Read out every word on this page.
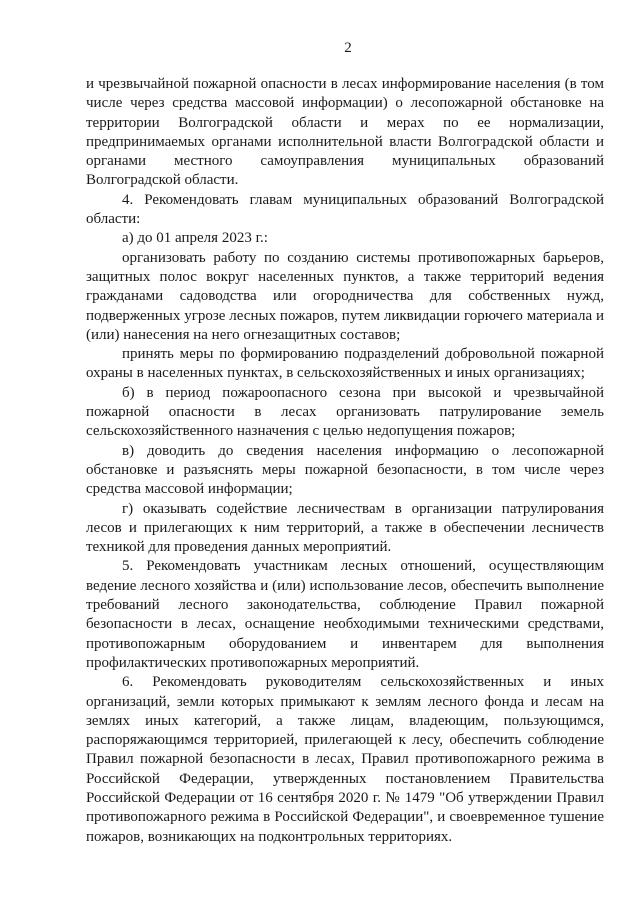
2

и чрезвычайной пожарной опасности в лесах информирование населения (в том числе через средства массовой информации) о лесопожарной обстановке на территории Волгоградской области и мерах по ее нормализации, предпринимаемых органами исполнительной власти Волгоградской области и органами местного самоуправления муниципальных образований Волгоградской области.

4. Рекомендовать главам муниципальных образований Волгоградской области:

а) до 01 апреля 2023 г.:

организовать работу по созданию системы противопожарных барьеров, защитных полос вокруг населенных пунктов, а также территорий ведения гражданами садоводства или огородничества для собственных нужд, подверженных угрозе лесных пожаров, путем ликвидации горючего материала и (или) нанесения на него огнезащитных составов;

принять меры по формированию подразделений добровольной пожарной охраны в населенных пунктах, в сельскохозяйственных и иных организациях;

б) в период пожароопасного сезона при высокой и чрезвычайной пожарной опасности в лесах организовать патрулирование земель сельскохозяйственного назначения с целью недопущения пожаров;

в) доводить до сведения населения информацию о лесопожарной обстановке и разъяснять меры пожарной безопасности, в том числе через средства массовой информации;

г) оказывать содействие лесничествам в организации патрулирования лесов и прилегающих к ним территорий, а также в обеспечении лесничеств техникой для проведения данных мероприятий.

5. Рекомендовать участникам лесных отношений, осуществляющим ведение лесного хозяйства и (или) использование лесов, обеспечить выполнение требований лесного законодательства, соблюдение Правил пожарной безопасности в лесах, оснащение необходимыми техническими средствами, противопожарным оборудованием и инвентарем для выполнения профилактических противопожарных мероприятий.

6. Рекомендовать руководителям сельскохозяйственных и иных организаций, земли которых примыкают к землям лесного фонда и лесам на землях иных категорий, а также лицам, владеющим, пользующимся, распоряжающимся территорией, прилегающей к лесу, обеспечить соблюдение Правил пожарной безопасности в лесах, Правил противопожарного режима в Российской Федерации, утвержденных постановлением Правительства Российской Федерации от 16 сентября 2020 г. № 1479 "Об утверждении Правил противопожарного режима в Российской Федерации", и своевременное тушение пожаров, возникающих на подконтрольных территориях.
